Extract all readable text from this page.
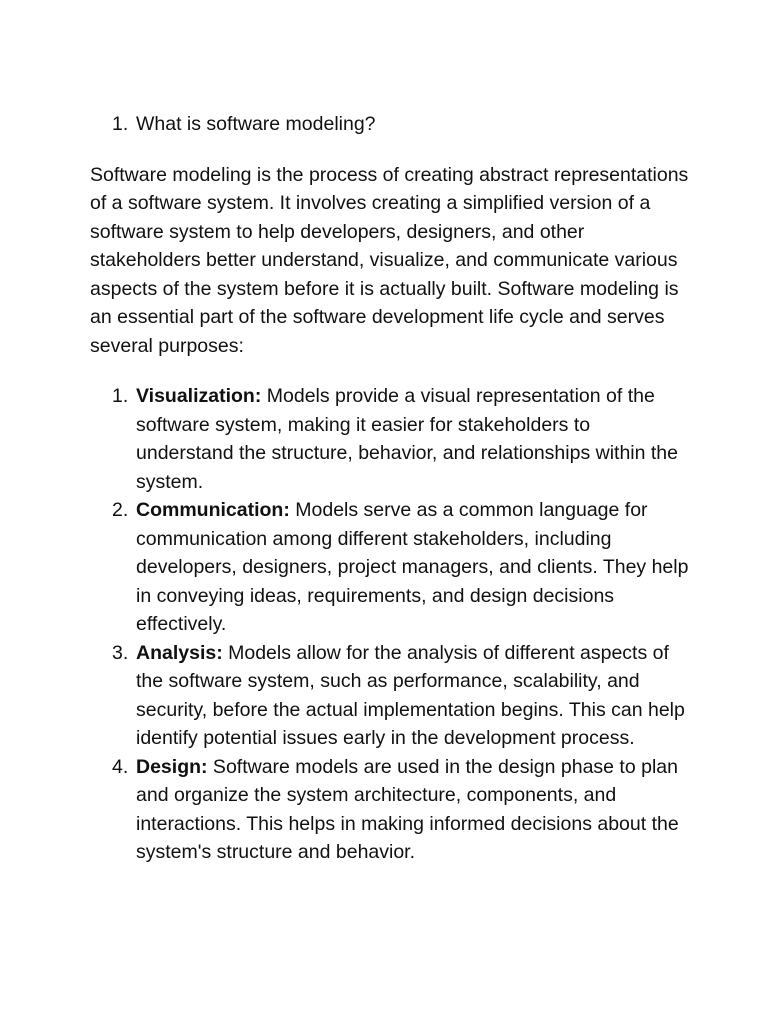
1. What is software modeling?

Software modeling is the process of creating abstract representations of a software system. It involves creating a simplified version of a software system to help developers, designers, and other stakeholders better understand, visualize, and communicate various aspects of the system before it is actually built. Software modeling is an essential part of the software development life cycle and serves several purposes:

1. Visualization: Models provide a visual representation of the software system, making it easier for stakeholders to understand the structure, behavior, and relationships within the system.
2. Communication: Models serve as a common language for communication among different stakeholders, including developers, designers, project managers, and clients. They help in conveying ideas, requirements, and design decisions effectively.
3. Analysis: Models allow for the analysis of different aspects of the software system, such as performance, scalability, and security, before the actual implementation begins. This can help identify potential issues early in the development process.
4. Design: Software models are used in the design phase to plan and organize the system architecture, components, and interactions. This helps in making informed decisions about the system's structure and behavior.
